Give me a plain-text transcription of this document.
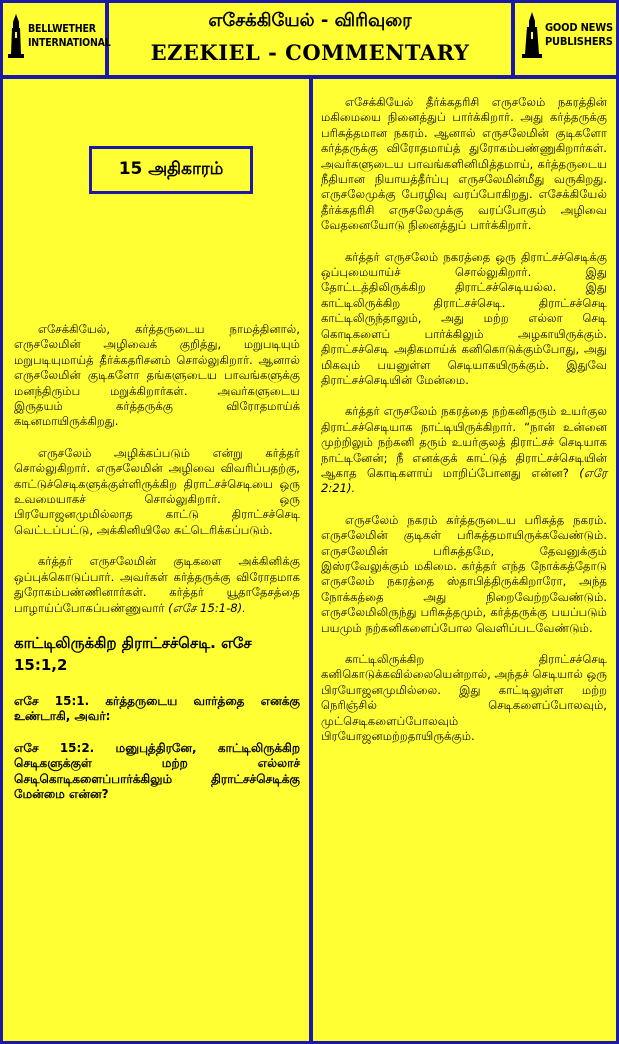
BELLWETHER
INTERNATIONAL
எசேக்கியேல் - விரிவுரை
EZEKIEL - COMMENTARY
GOOD NEWS
PUBLISHERS
15 அதிகாரம்

எசேக்கியேல், கர்த்தருடைய நாமத்தினால், எருசலேமின் அழிவைக் குறித்து, மறுபடியும் மறுபடியுமாய்த் தீர்க்கதரிசனம் சொல்லுகிறார். ஆனால் எருசலேமின் குடிகளோ தங்களுடைய பாவங்களுக்கு மனந்திரும்ப மறுக்கிறார்கள். அவர்களுடைய இருதயம் கர்த்தருக்கு விரோதமாய்க் கடினமாயிருக்கிறது.

எருசலேம் அழிக்கப்படும் என்று கர்த்தர் சொல்லுகிறார். எருசலேமின் அழிவை விவரிப்பதற்கு, காட்டுச்செடிகளுக்குள்ளிருக்கிற திராட்சச்செடியை ஒரு உவமையாகச் சொல்லுகிறார். ஒரு பிரயோஜனமுமில்லாத காட்டு திராட்சச்செடி வெட்டப்பட்டு, அக்கினியிலே சுட்டெரிக்கப்படும்.

கர்த்தர் எருசலேமின் குடிகளை அக்கினிக்கு ஒப்புக்கொடுப்பார். அவர்கள் கர்த்தருக்கு விரோதமாக துரோகம்பண்ணினார்கள். கர்த்தர் யூதாதேசத்தை பாழாய்ப்போகப்பண்ணுவார் (எசே 15:1-8).

காட்டிலிருக்கிற திராட்சச்செடி. எசே 15:1,2

எசே 15:1. கர்த்தருடைய வார்த்தை எனக்கு உண்டாகி, அவர்:

எசே 15:2. மனுபுத்திரனே, காட்டிலிருக்கிற செடிகளுக்குள் மற்ற எல்லாச் செடிகொடிகளைப்பார்க்கிலும் திராட்சச்செடிக்கு மேன்மை என்ன?

எசேக்கியேல் தீர்க்கதரிசி எருசலேம் நகரத்தின் மகிமையை நினைத்துப் பார்க்கிறார். அது கர்த்தருக்கு பரிசுத்தமான நகரம். ஆனால் எருசலேமின் குடிகளோ கர்த்தருக்கு விரோதமாய்த் துரோகம்பண்ணுகிறார்கள். அவர்களுடைய பாவங்களினிமித்தமாய், கர்த்தருடைய நீதியான நியாயத்தீர்ப்பு எருசலேமின்மீது வருகிறது. எருசலேமுக்கு பேரழிவு வரப்போகிறது. எசேக்கியேல் தீர்க்கதரிசி எருசலேமுக்கு வரப்போகும் அழிவை வேதனையோடு நினைத்துப் பார்க்கிறார்.

கர்த்தர் எருசலேம் நகரத்தை ஒரு திராட்சச்செடிக்கு ஒப்புமையாய்ச் சொல்லுகிறார். இது தோட்டத்திலிருக்கிற திராட்சச்செடியல்ல. இது காட்டிலிருக்கிற திராட்சச்செடி. திராட்சச்செடி காட்டிலிருந்தாலும், அது மற்ற எல்லா செடி கொடிகளைப் பார்க்கிலும் அழகாயிருக்கும். திராட்சச்செடி அதிகமாய்க் கனிகொடுக்கும்போது, அது மிகவும் பயனுள்ள செடியாகயிருக்கும். இதுவே திராட்சச்செடியின் மேன்மை.

கர்த்தர் எருசலேம் நகரத்தை நற்கனிதரும் உயர்குல திராட்சச்செடியாக நாட்டியிருக்கிறார். “நான் உன்னை முற்றிலும் நற்கனி தரும் உயர்குலத் திராட்சச் செடியாக நாட்டினேன்; நீ எனக்குக் காட்டுத் திராட்சச்செடியின் ஆகாத கொடிகளாய் மாறிப்போனது என்ன? (எரே 2:21).

எருசலேம் நகரம் கர்த்தருடைய பரிசுத்த நகரம். எருசலேமின் குடிகள் பரிசுத்தமாயிருக்கவேண்டும். எருசலேமின் பரிசுத்தமே, தேவனுக்கும் இஸ்ரவேலுக்கும் மகிமை. கர்த்தர் எந்த நோக்கத்தோடு எருசலேம் நகரத்தை ஸ்தாபித்திருக்கிறாரோ, அந்த நோக்கத்தை அது நிறைவேற்றவேண்டும். எருசலேமிலிருந்து பரிசுத்தமும், கர்த்தருக்கு பயப்படும் பயமும் நற்கனிகளைப்போல வெளிப்படவேண்டும்.

காட்டிலிருக்கிற திராட்சச்செடி கனிகொடுக்கவில்லையென்றால், அந்தச் செடியால் ஒரு பிரயோஜனமுமில்லை. இது காட்டிலுள்ள மற்ற நெரிஞ்சில் செடிகளைப்போலவும், முட்செடிகளைப்போலவும் பிரயோஜனமற்றதாயிருக்கும்.
